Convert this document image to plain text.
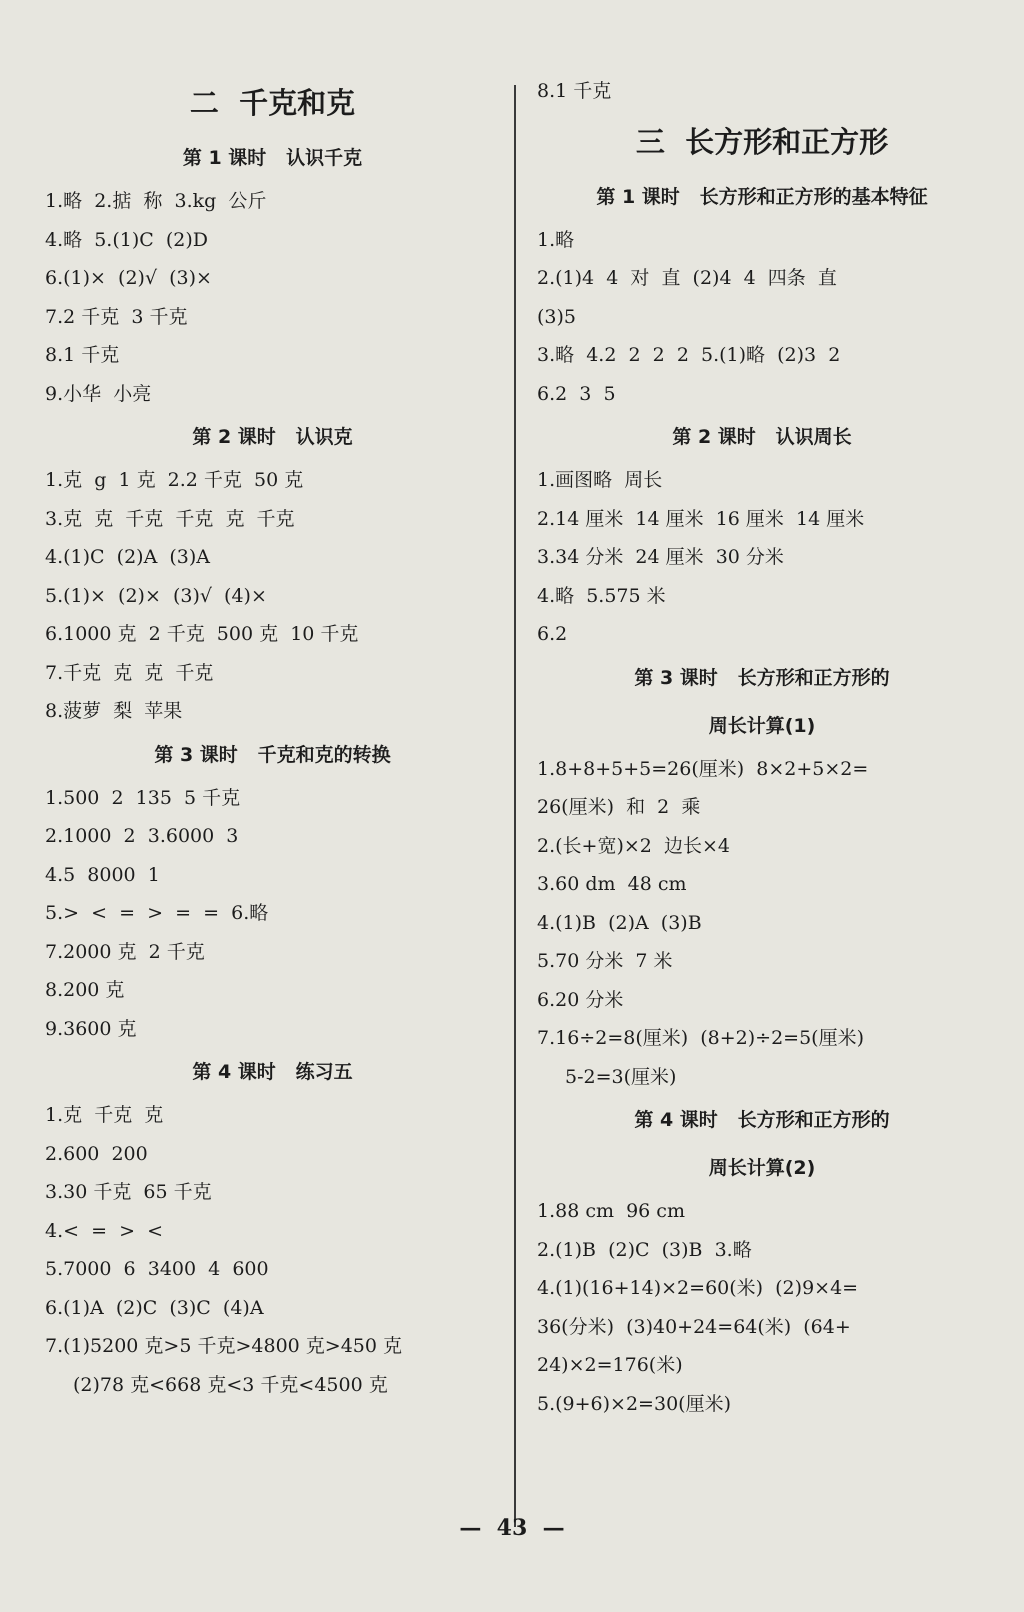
二  千克和克
第 1 课时   认识千克
1.略  2.掂  称  3.kg  公斤
4.略  5.(1)C  (2)D
6.(1)×  (2)√  (3)×
7.2 千克  3 千克
8.1 千克
9.小华  小亮
第 2 课时   认识克
1.克  g  1 克  2.2 千克  50 克
3.克  克  千克  千克  克  千克
4.(1)C  (2)A  (3)A
5.(1)×  (2)×  (3)√  (4)×
6.1000 克  2 千克  500 克  10 千克
7.千克  克  克  千克
8.菠萝  梨  苹果
第 3 课时   千克和克的转换
1.500  2  135  5 千克
2.1000  2  3.6000  3
4.5  8000  1
5.>  <  =  >  =  =  6.略
7.2000 克  2 千克
8.200 克
9.3600 克
第 4 课时   练习五
1.克  千克  克
2.600  200
3.30 千克  65 千克
4.<  =  >  <
5.7000  6  3400  4  600
6.(1)A  (2)C  (3)C  (4)A
7.(1)5200 克>5 千克>4800 克>450 克
(2)78 克<668 克<3 千克<4500 克
8.1 千克
三  长方形和正方形
第 1 课时   长方形和正方形的基本特征
1.略
2.(1)4  4  对  直  (2)4  4  四条  直
(3)5
3.略  4.2  2  2  2  5.(1)略  (2)3  2
6.2  3  5
第 2 课时   认识周长
1.画图略  周长
2.14 厘米  14 厘米  16 厘米  14 厘米
3.34 分米  24 厘米  30 分米
4.略  5.575 米
6.2
第 3 课时   长方形和正方形的
周长计算(1)
1.8+8+5+5=26(厘米)  8×2+5×2=
26(厘米)  和  2  乘
2.(长+宽)×2  边长×4
3.60 dm  48 cm
4.(1)B  (2)A  (3)B
5.70 分米  7 米
6.20 分米
7.16÷2=8(厘米)  (8+2)÷2=5(厘米)
5-2=3(厘米)
第 4 课时   长方形和正方形的
周长计算(2)
1.88 cm  96 cm
2.(1)B  (2)C  (3)B  3.略
4.(1)(16+14)×2=60(米)  (2)9×4=
36(分米)  (3)40+24=64(米)  (64+
24)×2=176(米)
5.(9+6)×2=30(厘米)
—  43  —
